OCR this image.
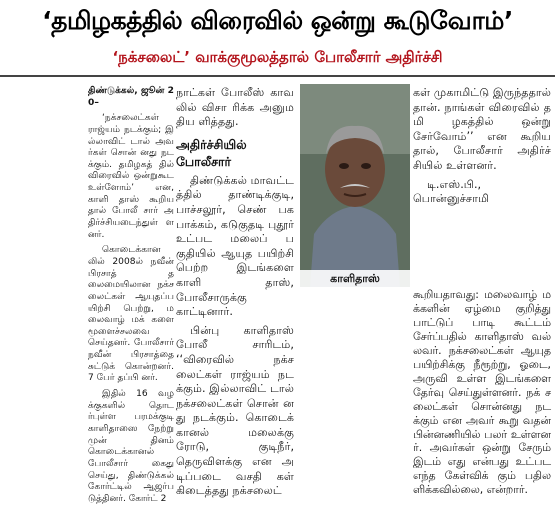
‘தமிழகத்தில் விரைவில் ஒன்று கூடுவோம்’
‘நக்சலைட்’ வாக்குமூலத்தால் போலீசார் அதிர்ச்சி

திண்டுக்கல், ஜூன் 20–

‘நக்சலைட்கள் ராஜ்யம் நடக்கும்; இல்லாவிட் டால் அவர்கள் சொன் னது நடக்கும். தமிழகத் தில் விரைவில் ஒன்றுகூட உள்ளோம்’ என, காளி தாஸ் கூறியதால் போலீ சார் அதிர்ச்சியடைந்துள் ளனர்.

கொடைக்கானலில் 2008ல் நவீன் பிரசாத் தலைமையிலான நக்ச லைட்கள் ஆயுதப்பயிற்சி பெற்று, மலைவாழ் மக் களை மூளைச்சலவை செய்தனர். போலீசார் நவீன் பிரசாத்தை சுட்டுக் கொன்றனர். 7 பேர் தப்பி னர்.

இதில் 16 வழக்குகளில் தொடர்புள்ள பரமக்குடி காளிதாஸை நேற்று முன் தினம் கொடைக்கானல் போலீசார் கைது செய்து, திண்டுக்கல் கோர்ட்டில் ஆஜர்படுத்தினர். கோர்ட் 2

காளிதாஸ்

கள் முகாமிட்டு இருந்ததால் தான். நாங்கள் விரைவில் தமி ழகத்தில் ஒன்று சேர்வோம்’’ என கூறியதால், போலீசார் அதிர்ச் சியில் உள்ளனர்.

டி.எஸ்.பி., பொன்னுச்சாமி

நாட்கள் போலீஸ் காவலில் விசா ரிக்க அனுமதிய ளித்தது.

அதிர்ச்சியில் போலீசார்

திண்டுக்கல் மாவட்டத்தில் தாண்டிக்குடி, பாச்சலூர், செண் பகபாக்கம், கடுகுதடி புதூர் உட்பட மலைப் பகுதியில் ஆயுத பயிற்சி பெற்ற இடங்களை காளி தாஸ், போலீசாருக்கு காட்டினார்.

பின்பு காளிதாஸ் போலீ சாரிடம், ‘‘விரைவில் நக்சலைட்கள் ராஜ்யம் நடக்கும். இல்லாவிட் டால் நக்சலைட்கள் சொன் னது நடக்கும். கொடைக் கானல் மலைக்கு ரோடு, குடிநீர், தெருவிளக்கு என அடிப்படை வசதி கள் கிடைத்தது நக்சலைட்

கூறியதாவது: மலைவாழ் மக்களின் ஏழ்மை குறித்து பாட்டுப் பாடி கூட்டம் சேர்ப்பதில் காளிதாஸ் வல் லவர். நக்சலைட்கள் ஆயுத பயிற்சிக்கு நீரூற்று, ஓடை, அருவி உள்ள இடங்களை தேர்வு செய்துள்ளனர். நக் சலைட்கள் சொன்னது நடக்கும் என அவர் கூறு வதன் பின்னணியில் பலர் உள்ளனர். அவர்கள் ஒன்று சேரும் இடம் எது என்பது உட்பட எந்த கேள்விக் கும் பதிலளிக்கவில்லை, என்றார்.
